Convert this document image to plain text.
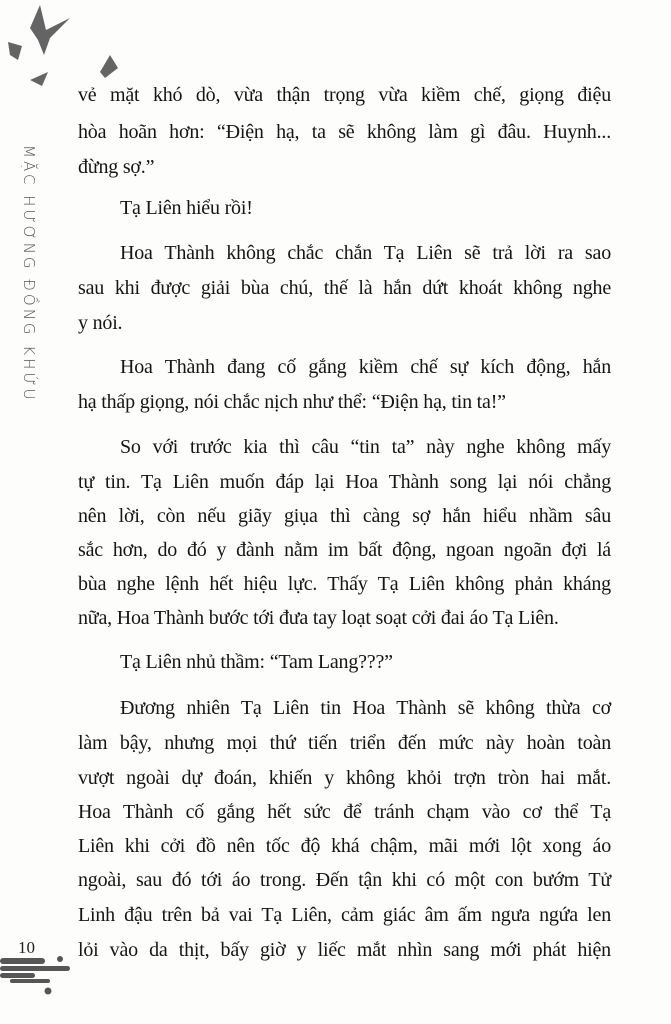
MẶC HƯƠNG ĐỒNG KHỨU
vẻ mặt khó dò, vừa thận trọng vừa kiềm chế, giọng điệu
hòa hoãn hơn: “Điện hạ, ta sẽ không làm gì đâu. Huynh...
đừng sợ.”
Tạ Liên hiểu rồi!
Hoa Thành không chắc chắn Tạ Liên sẽ trả lời ra sao
sau khi được giải bùa chú, thế là hắn dứt khoát không nghe
y nói.
Hoa Thành đang cố gắng kiềm chế sự kích động, hắn
hạ thấp giọng, nói chắc nịch như thể: “Điện hạ, tin ta!”
So với trước kia thì câu “tin ta” này nghe không mấy
tự tin. Tạ Liên muốn đáp lại Hoa Thành song lại nói chẳng
nên lời, còn nếu giãy giụa thì càng sợ hắn hiểu nhầm sâu
sắc hơn, do đó y đành nằm im bất động, ngoan ngoãn đợi lá
bùa nghe lệnh hết hiệu lực. Thấy Tạ Liên không phản kháng
nữa, Hoa Thành bước tới đưa tay loạt soạt cởi đai áo Tạ Liên.
Tạ Liên nhủ thầm: “Tam Lang???”
Đương nhiên Tạ Liên tin Hoa Thành sẽ không thừa cơ
làm bậy, nhưng mọi thứ tiến triển đến mức này hoàn toàn
vượt ngoài dự đoán, khiến y không khỏi trợn tròn hai mắt.
Hoa Thành cố gắng hết sức để tránh chạm vào cơ thể Tạ
Liên khi cởi đồ nên tốc độ khá chậm, mãi mới lột xong áo
ngoài, sau đó tới áo trong. Đến tận khi có một con bướm Tử
Linh đậu trên bả vai Tạ Liên, cảm giác âm ấm ngưa ngứa len
lỏi vào da thịt, bấy giờ y liếc mắt nhìn sang mới phát hiện
10
